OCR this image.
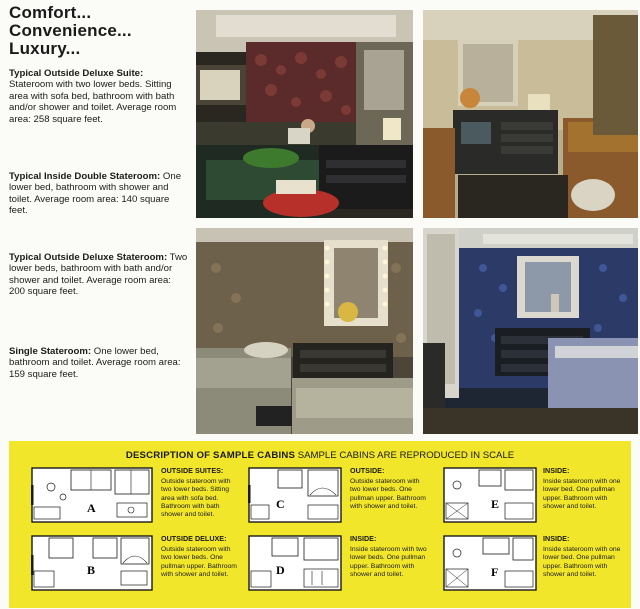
Comfort...
Convenience...
Luxury...
Typical Outside Deluxe Suite: Stateroom with two lower beds. Sitting area with sofa bed, bathroom with bath and/or shower and toilet. Average room area: 258 square feet.
Typical Inside Double Stateroom: One lower bed, bathroom with shower and toilet. Average room area: 140 square feet.
Typical Outside Deluxe Stateroom: Two lower beds, bathroom with bath and/or shower and toilet. Average room area: 200 square feet.
Single Stateroom: One lower bed, bathroom and toilet. Average room area: 159 square feet.
DESCRIPTION OF SAMPLE CABINS SAMPLE CABINS ARE REPRODUCED IN SCALE
A
OUTSIDE SUITES:
Outside stateroom with two lower beds. Sitting area with sofa bed. Bathroom with bath shower and toilet.
B
OUTSIDE DELUXE:
Outside stateroom with two lower beds. One pullman upper. Bathroom with shower and toilet.
C
OUTSIDE:
Outside stateroom with two lower beds. One pullman upper. Bathroom with shower and toilet.
D
INSIDE:
Inside stateroom with two lower beds. One pullman upper. Bathroom with shower and toilet.
E
INSIDE:
Inside stateroom with one lower bed. One pullman upper. Bathroom with shower and toilet.
F
INSIDE:
Inside stateroom with one lower bed. One pullman upper. Bathroom with shower and toilet.
